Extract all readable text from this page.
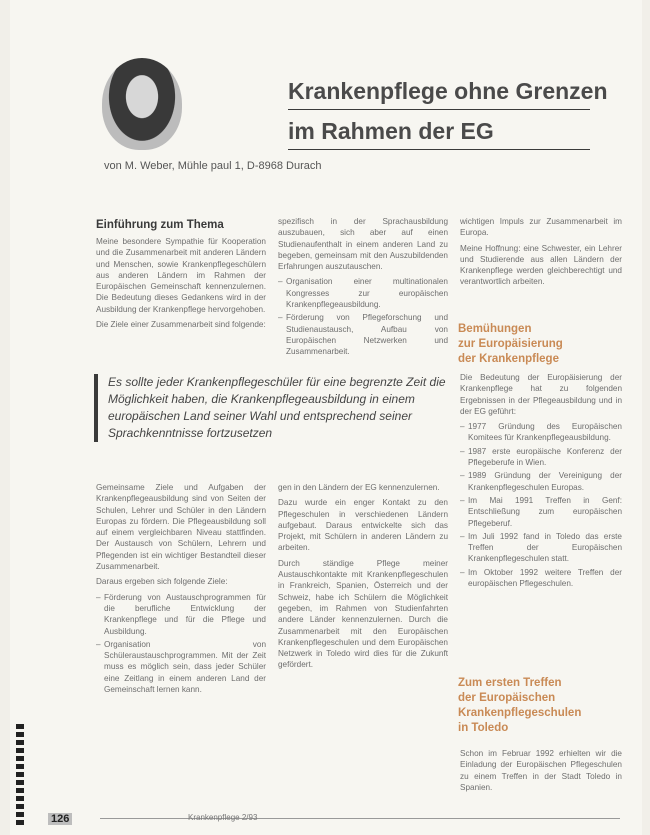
Krankenpflege ohne Grenzen
im Rahmen der EG
von M. Weber, Mühle paul 1, D-8968 Durach
Einführung zum Thema

Meine besondere Sympathie für Kooperation und die Zusammenarbeit mit anderen Ländern und Menschen, sowie Krankenpflegeschülern aus anderen Ländern im Rahmen der Europäischen Gemeinschaft kennenzulernen. Die Bedeutung dieses Gedankens wird in der Ausbildung der Krankenpflege hervorgehoben.

Die Ziele einer Zusammenarbeit sind folgende:

spezifisch in der Sprachausbildung auszubauen, sich aber auf einen Studienaufenthalt in einem anderen Land zu begeben, gemeinsam mit den Auszubildenden Erfahrungen auszutauschen.

– Organisation einer multinationalen Kongresses zur europäischen Krankenpflegeausbildung.
– Förderung von Pflegeforschung und Studienaustausch, Aufbau von Europäischen Netzwerken und Zusammenarbeit.

wichtigen Impuls zur Zusammenarbeit im Europa.

Meine Hoffnung: eine Schwester, ein Lehrer und Studierende aus allen Ländern der Krankenpflege werden gleichberechtigt und verantwortlich arbeiten.

Es sollte jeder Krankenpflegeschüler für eine begrenzte Zeit die Möglichkeit haben, die Krankenpflegeausbildung in einem europäischen Land seiner Wahl und entsprechend seiner Sprachkenntnisse fortzusetzen
Bemühungen
zur Europäisierung
der Krankenpflege

Die Bedeutung der Europäisierung der Krankenpflege hat zu folgenden Ergebnissen in der Pflegeausbildung und in der EG geführt:

– 1977 Gründung des Europäischen Komitees für Krankenpflegeausbildung.
– 1987 erste europäische Konferenz der Pflegeberufe in Wien.
– 1989 Gründung der Vereinigung der Krankenpflegeschulen Europas.
– Im Mai 1991 Treffen in Genf: Entschließung zum europäischen Pflegeberuf.
– Im Juli 1992 fand in Toledo das erste Treffen der Europäischen Krankenpflegeschulen statt.
– Im Oktober 1992 weitere Treffen der europäischen Pflegeschulen.

Gemeinsame Ziele und Aufgaben der Krankenpflegeausbildung sind von Seiten der Schulen, Lehrer und Schüler in den Ländern Europas zu fördern. Die Pflegeausbildung soll auf einem vergleichbaren Niveau stattfinden. Der Austausch von Schülern, Lehrern und Pflegenden ist ein wichtiger Bestandteil dieser Zusammenarbeit.

Daraus ergeben sich folgende Ziele:

– Förderung von Austauschprogrammen für die berufliche Entwicklung der Krankenpflege und für die Pflege und Ausbildung.
– Organisation von Schüleraustauschprogrammen. Mit der Zeit muss es möglich sein, dass jeder Schüler eine Zeitlang in einem anderen Land der Gemeinschaft lernen kann.

gen in den Ländern der EG kennenzulernen.

Dazu wurde ein enger Kontakt zu den Pflegeschulen in verschiedenen Ländern aufgebaut. Daraus entwickelte sich das Projekt, mit Schülern in anderen Ländern zu arbeiten.

Durch ständige Pflege meiner Austauschkontakte mit Krankenpflegeschulen in Frankreich, Spanien, Österreich und der Schweiz, habe ich Schülern die Möglichkeit gegeben, im Rahmen von Studienfahrten andere Länder kennenzulernen. Durch die Zusammenarbeit mit den Europäischen Krankenpflegeschulen und dem Europäischen Netzwerk in Toledo wird dies für die Zukunft gefördert.

Zum ersten Treffen
der Europäischen
Krankenpflegeschulen
in Toledo

Schon im Februar 1992 erhielten wir die Einladung der Europäischen Pflegeschulen zu einem Treffen in der Stadt Toledo in Spanien.

126	Krankenpflege 2/93
